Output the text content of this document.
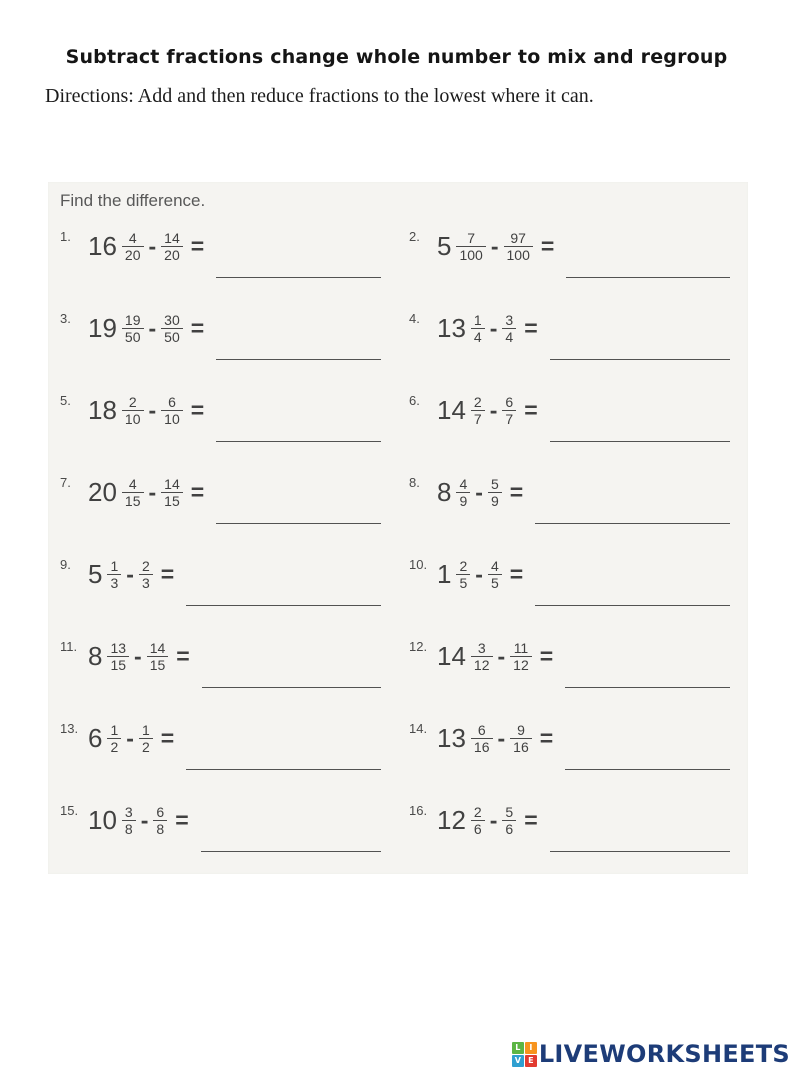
Subtract fractions change whole number to mix and regroup
Directions: Add and then reduce fractions to the lowest where it can.
Find the difference.
1. $16 \frac{4}{20} - \frac{14}{20}$ =	2. $5 \frac{7}{100} - \frac{97}{100}$ =
3. $19 \frac{19}{50} - \frac{30}{50}$ =	4. $13 \frac{1}{4} - \frac{3}{4}$ =
5. $18 \frac{2}{10} - \frac{6}{10}$ =	6. $14 \frac{2}{7} - \frac{6}{7}$ =
7. $20 \frac{4}{15} - \frac{14}{15}$ =	8. $8 \frac{4}{9} - \frac{5}{9}$ =
9. $5 \frac{1}{3} - \frac{2}{3}$ =	10. $1 \frac{2}{5} - \frac{4}{5}$ =
11. $8 \frac{13}{15} - \frac{14}{15}$ =	12. $14 \frac{3}{12} - \frac{11}{12}$ =
13. $6 \frac{1}{2} - \frac{1}{2}$ =	14. $13 \frac{6}{16} - \frac{9}{16}$ =
15. $10 \frac{3}{8} - \frac{6}{8}$ =	16. $12 \frac{2}{6} - \frac{5}{6}$ =
L	I
V E LIVEWORKSHEETS
